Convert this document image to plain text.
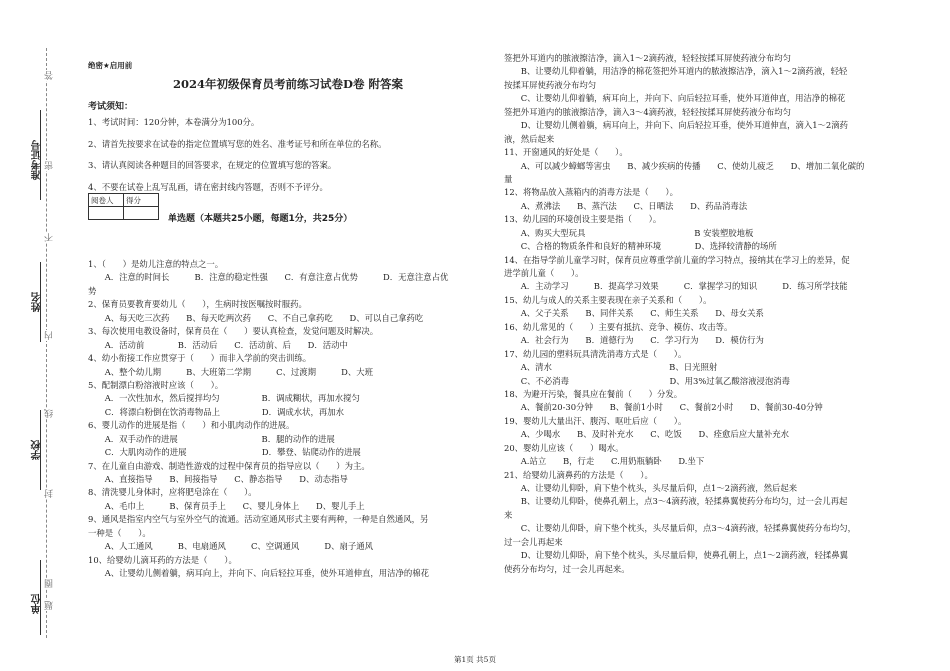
准考证号
姓名
学校
单位
答
密
不
内
线
封
圈
题
绝密★启用前
2024年初级保育员考前练习试卷D卷 附答案
考试须知：

1、考试时间：120分钟，本卷满分为100分。

2、请首先按要求在试卷的指定位置填写您的姓名、准考证号和所在单位的名称。

3、请认真阅读各种题目的回答要求，在规定的位置填写您的答案。

4、不要在试卷上乱写乱画，请在密封线内答题，否则不予评分。

阅卷人	得分

单选题（本题共25小题，每题1分，共25分）

1、（　　）是幼儿注意的特点之一。

　　A．注意的时间长　　　B．注意的稳定性强　　C．有意注意占优势　　　D．无意注意占优

势

2、保育员要教育要幼儿（　　），生病时按医嘱按时服药。

　　A、每天吃三次药　　B、每天吃两次药　　C、不自己拿药吃　　D、可以自己拿药吃

3、每次使用电教设备时，保育员在（　　）要认真检查，发觉问题及时解决。

　　A．活动前　　　　B．活动后　　C．活动前、后　　D．活动中

4、幼小衔接工作应贯穿于（　　）而非入学前的突击训练。

　　A、整个幼儿期　　　B、大班第二学期　　　C、过渡期　　　D、大班

5、配制漂白粉溶液时应该（　　）。

　　A．一次性加水，然后搅拌均匀　　　　　B．调成糊状，再加水搅匀

　　C．将漂白粉倒在饮消毒物品上　　　　　D．调成水状，再加水

6、婴儿动作的进展是指（　　）和小肌肉动作的进展。

　　A．双手动作的进展　　　　　　　　　　B．腿的动作的进展

　　C．大肌肉动作的进展　　　　　　　　　D．攀登、钻爬动作的进展

7、在儿童自由游戏、制造性游戏的过程中保育员的指导应以（　　）为主。

　　A、直接指导　　B、间接指导　　C、静态指导　　D、动态指导

8、清洗婴儿身体时，应将肥皂涂在（　　）。

　　A、毛巾上　　　B、保育员手上　　C、婴儿身体上　　D、婴儿手上

9、通风是指室内空气与室外空气的流通。活动室通风形式主要有两种，一种是自然通风，另

一种是（　　）。

　　A、人工通风　　　B、电扇通风　　　C、空调通风　　　D、扇子通风

10、给婴幼儿滴耳药的方法是（　　）。

　　A、让婴幼儿侧着躺，病耳向上，并向下、向后轻拉耳垂，使外耳道伸直，用洁净的棉花

签把外耳道内的脓液擦洁净，滴入1～2滴药液，轻轻按揉耳屏使药液分布均匀

　　B、让婴幼儿仰着躺，用洁净的棉花签把外耳道内的脓液擦洁净，滴入1～2滴药液，轻轻

按揉耳屏使药液分布均匀

　　C、让婴幼儿仰着躺，病耳向上，并向下、向后轻拉耳垂，使外耳道伸直，用洁净的棉花

签把外耳道内的脓液擦洁净，滴入3～4滴药液，轻轻按揉耳屏使药液分布均匀

　　D、让婴幼儿侧着躺，病耳向上，并向下、向后轻拉耳垂，使外耳道伸直，滴入1～2滴药

液，然后起来

11、开窗通风的好处是（　　）。

　　A、可以减少蟑螂等害虫　　B、减少疾病的传播　　C、使幼儿疲乏　　D、增加二氧化碳的

量

12、将物品放入蒸箱内的消毒方法是（　　）。

　　A、煮沸法　　B、蒸汽法　　C、日晒法　　D、药品消毒法

13、幼儿园的环境创设主要是指（　　）。

　　A、购买大型玩具　　　　　　　　　　　　　B 安装塑胶地板

　　C、合格的物质条件和良好的精神环境　　　　D、选择较清静的场所

14、在指导学前儿童学习时，保育员应尊重学前儿童的学习特点，接纳其在学习上的差异，促

进学前儿童（　　）。

　　A．主动学习　　　B．提高学习效果　　　C．掌握学习的知识　　　D．练习所学技能

15、幼儿与成人的关系主要表现在亲子关系和（　　）。

　　A、父子关系　　B、同伴关系　　C、师生关系　　D、母女关系

16、幼儿常见的（　　）主要有抵抗、竞争、模仿、攻击等。

　　A．社会行为　　B．道德行为　　C．学习行为　　D．模仿行为

17、幼儿园的塑料玩具清洗消毒方式是（　　）。

　　A、清水　　　　　　　　　　　　　　B、日光照射

　　C、不必消毒　　　　　　　　　　　　D、用3%过氧乙酸溶液浸泡消毒

18、为避开污染，餐具应在餐前（　　）分发。

　　A、餐前20-30分钟　　B、餐前1小时　　C、餐前2小时　　D、餐前30-40分钟

19、婴幼儿大量出汗、腹泻、呕吐后应（　　）。

　　A、少喝水　　B、及时补充水　　C、吃饭　　D、痊愈后应大量补充水

20、婴幼儿应该（　　）喝水。

　　A.站立　　B，行走　　C.用奶瓶躺卧　　D.坐下

21、给婴幼儿滴鼻药的方法是（　　）。

　　A、让婴幼儿仰卧，肩下垫个枕头，头尽量后仰，点1～2滴药液，然后起来

　　B、让婴幼儿仰卧，使鼻孔朝上，点3～4滴药液，轻揉鼻翼使药分布均匀，过一会儿再起

来

　　C、让婴幼儿仰卧，肩下垫个枕头，头尽量后仰，点3～4滴药液，轻揉鼻翼使药分布均匀，

过一会儿再起来

　　D、让婴幼儿仰卧，肩下垫个枕头，头尽量后仰，使鼻孔朝上，点1～2滴药液，轻揉鼻翼

使药分布均匀，过一会儿再起来。

第1页 共5页
